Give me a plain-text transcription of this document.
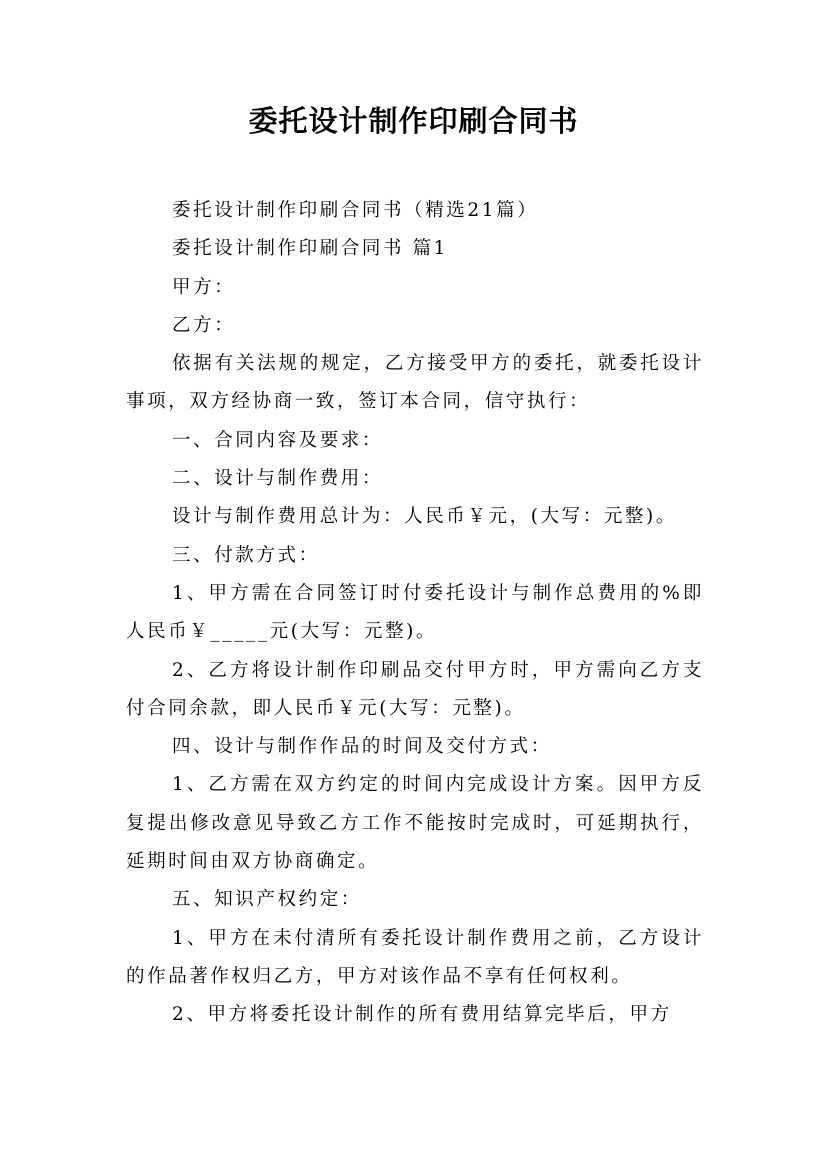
委托设计制作印刷合同书

委托设计制作印刷合同书（精选21篇）

委托设计制作印刷合同书 篇1

甲方：

乙方：

依据有关法规的规定，乙方接受甲方的委托，就委托设计事项，双方经协商一致，签订本合同，信守执行：

一、合同内容及要求：

二、设计与制作费用：

设计与制作费用总计为：人民币￥元，(大写：元整)。

三、付款方式：

1、甲方需在合同签订时付委托设计与制作总费用的%即人民币￥_____元(大写：元整)。

2、乙方将设计制作印刷品交付甲方时，甲方需向乙方支付合同余款，即人民币￥元(大写：元整)。

四、设计与制作作品的时间及交付方式：

1、乙方需在双方约定的时间内完成设计方案。因甲方反复提出修改意见导致乙方工作不能按时完成时，可延期执行，延期时间由双方协商确定。

五、知识产权约定：

1、甲方在未付清所有委托设计制作费用之前，乙方设计的作品著作权归乙方，甲方对该作品不享有任何权利。

2、甲方将委托设计制作的所有费用结算完毕后，甲方
